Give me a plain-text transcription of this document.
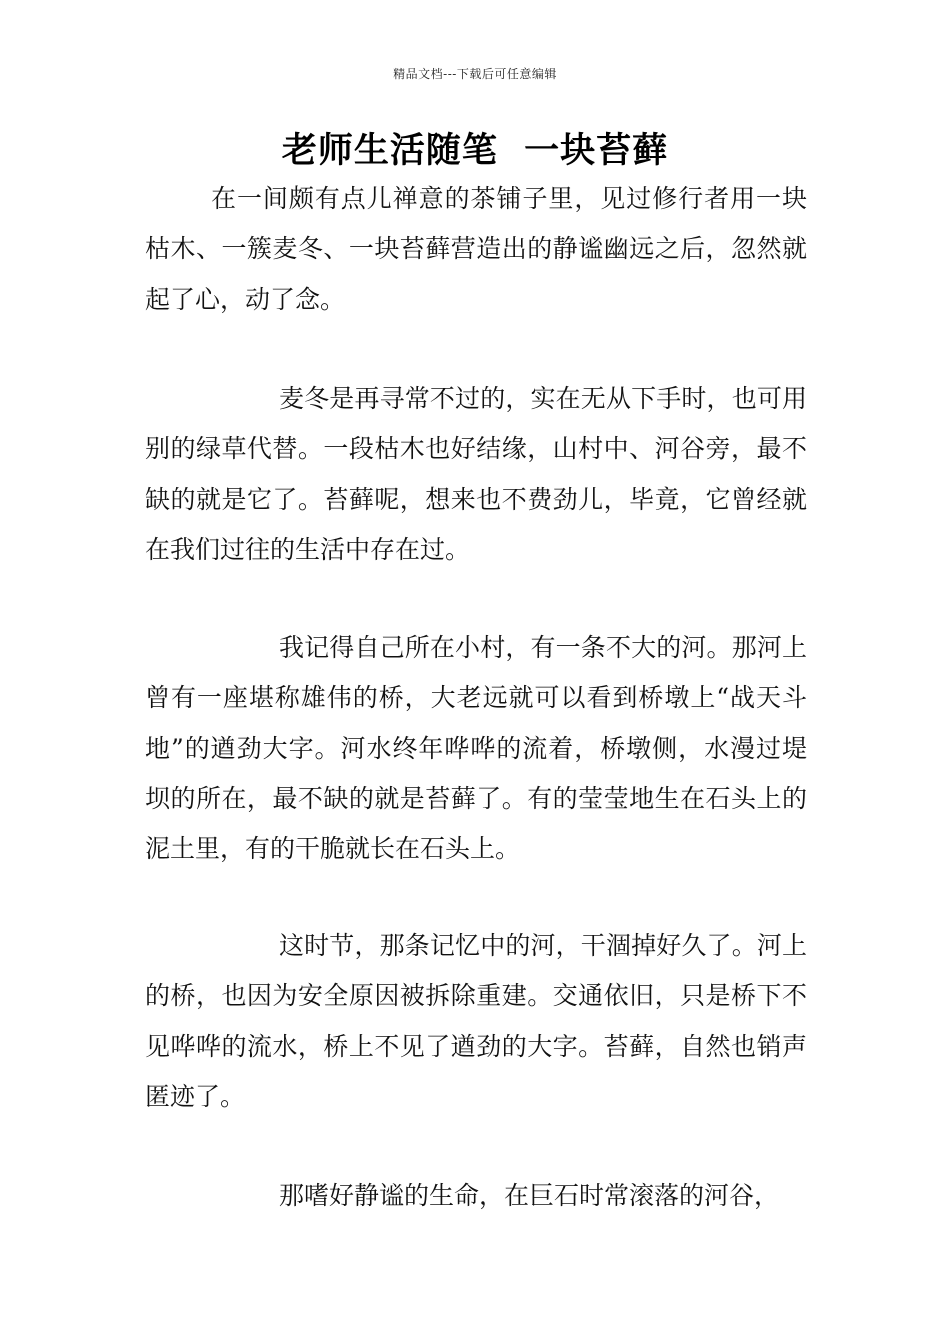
精品文档---下载后可任意编辑
老师生活随笔  一块苔藓

在一间颇有点儿禅意的茶铺子里，见过修行者用一块枯木、一簇麦冬、一块苔藓营造出的静谧幽远之后，忽然就起了心，动了念。

麦冬是再寻常不过的，实在无从下手时，也可用别的绿草代替。一段枯木也好结缘，山村中、河谷旁，最不缺的就是它了。苔藓呢，想来也不费劲儿，毕竟，它曾经就在我们过往的生活中存在过。

我记得自己所在小村，有一条不大的河。那河上曾有一座堪称雄伟的桥，大老远就可以看到桥墩上“战天斗地”的遒劲大字。河水终年哗哗的流着，桥墩侧，水漫过堤坝的所在，最不缺的就是苔藓了。有的莹莹地生在石头上的泥土里，有的干脆就长在石头上。

这时节，那条记忆中的河，干涸掉好久了。河上的桥，也因为安全原因被拆除重建。交通依旧，只是桥下不见哗哗的流水，桥上不见了遒劲的大字。苔藓，自然也销声匿迹了。

那嗜好静谧的生命，在巨石时常滚落的河谷，
